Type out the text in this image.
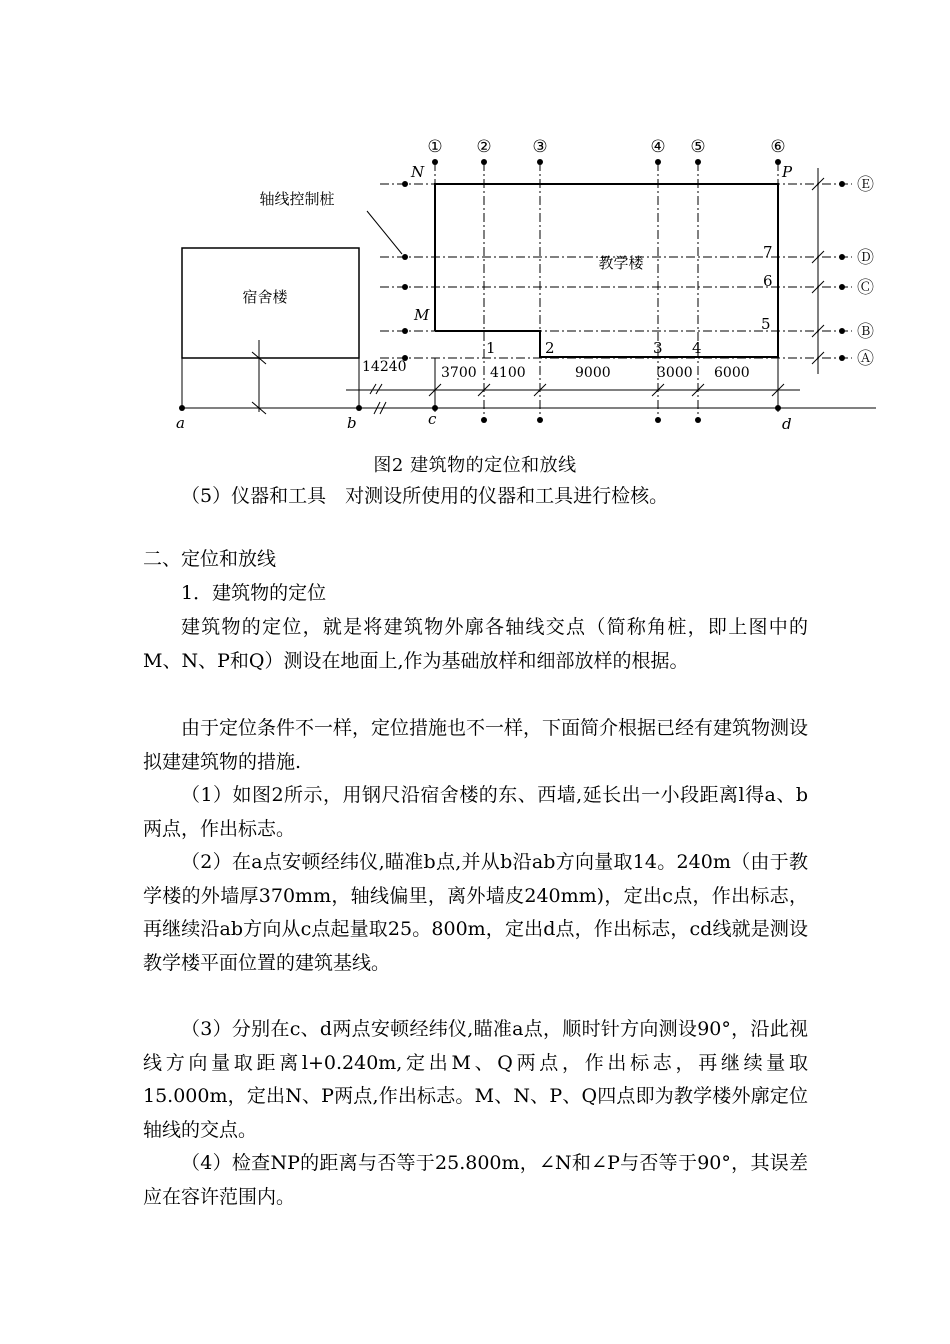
① ② ③	④ ⑤	⑥
Ⓔ
Ⓓ
Ⓒ
Ⓑ
Ⓐ
N	P
M
教学楼
宿舍楼
轴线控制桩
1	2	3 4
7
6
5
14240 3700 4100	9000	3000 6000
a	b	c	d
图2 建筑物的定位和放线

（5）仪器和工具　对测设所使用的仪器和工具进行检核。

二、定位和放线

1．建筑物的定位

建筑物的定位，就是将建筑物外廓各轴线交点（简称角桩，即上图中的M、N、P和Q）测设在地面上,作为基础放样和细部放样的根据。

由于定位条件不一样，定位措施也不一样，下面简介根据已经有建筑物测设拟建建筑物的措施.

（1）如图2所示，用钢尺沿宿舍楼的东、西墙,延长出一小段距离l得a、b两点，作出标志。

（2）在a点安顿经纬仪,瞄准b点,并从b沿ab方向量取14。240m（由于教学楼的外墙厚370mm，轴线偏里，离外墙皮240mm)，定出c点，作出标志，再继续沿ab方向从c点起量取25。800m，定出d点，作出标志，cd线就是测设教学楼平面位置的建筑基线。

（3）分别在c、d两点安顿经纬仪,瞄准a点，顺时针方向测设90°，沿此视线方向量取距离l+0.240m,定出M、Q两点，作出标志，再继续量取15.000m，定出N、P两点,作出标志。M、N、P、Q四点即为教学楼外廓定位轴线的交点。

（4）检查NP的距离与否等于25.800m，∠N和∠P与否等于90°，其误差应在容许范围内。
